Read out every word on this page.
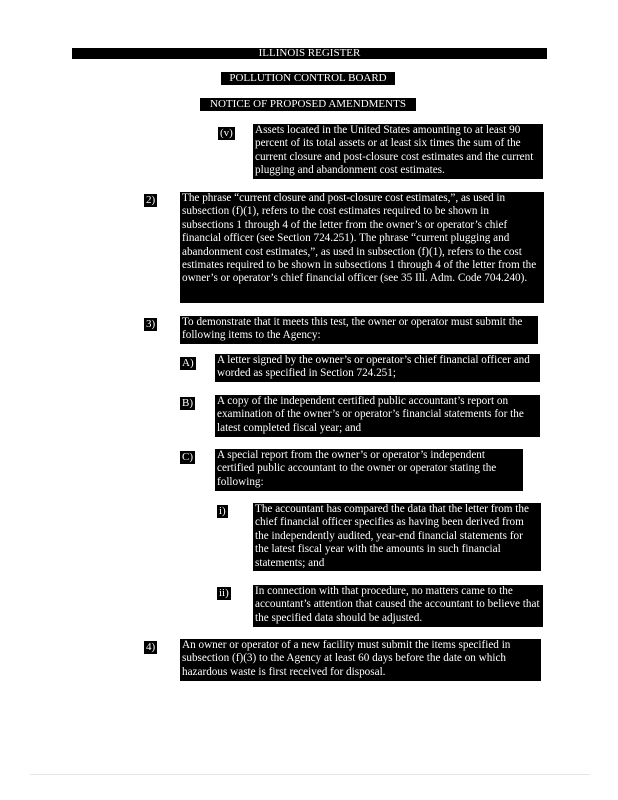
ILLINOIS REGISTER
POLLUTION CONTROL BOARD
NOTICE OF PROPOSED AMENDMENTS
(v) Assets located in the United States amounting to at least 90 percent of its total assets or at least six times the sum of the current closure and post-closure cost estimates and the current plugging and abandonment cost estimates.
2) The phrase “current closure and post-closure cost estimates,”, as used in subsection (f)(1), refers to the cost estimates required to be shown in subsections 1 through 4 of the letter from the owner’s or operator’s chief financial officer (see Section 724.251). The phrase “current plugging and abandonment cost estimates,”, as used in subsection (f)(1), refers to the cost estimates required to be shown in subsections 1 through 4 of the letter from the owner’s or operator’s chief financial officer (see 35 Ill. Adm. Code 704.240).
3) To demonstrate that it meets this test, the owner or operator must submit the following items to the Agency:
A) A letter signed by the owner’s or operator’s chief financial officer and worded as specified in Section 724.251;
B) A copy of the independent certified public accountant’s report on examination of the owner’s or operator’s financial statements for the latest completed fiscal year; and
C) A special report from the owner’s or operator’s independent certified public accountant to the owner or operator stating the following:
i)	The accountant has compared the data that the letter from the chief financial officer specifies as having been derived from the independently audited, year-end financial statements for the latest fiscal year with the amounts in such financial statements; and
ii) In connection with that procedure, no matters came to the accountant’s attention that caused the accountant to believe that the specified data should be adjusted.
4) An owner or operator of a new facility must submit the items specified in subsection (f)(3) to the Agency at least 60 days before the date on which hazardous waste is first received for disposal.
